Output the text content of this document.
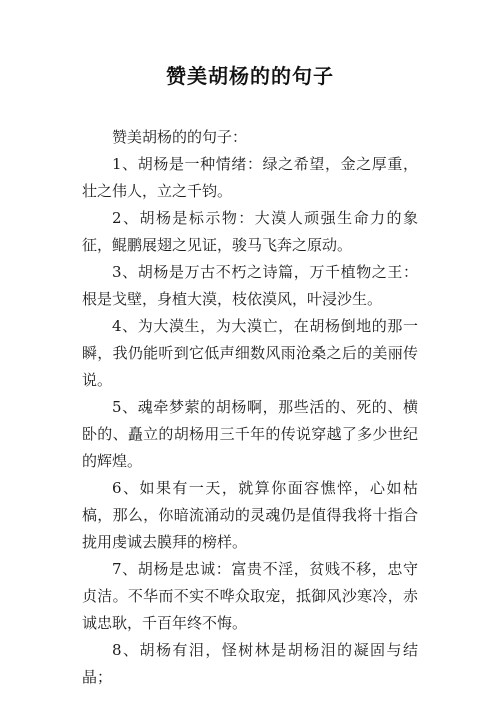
赞美胡杨的的句子

赞美胡杨的的句子：

1、胡杨是一种情绪：绿之希望，金之厚重，壮之伟人，立之千钧。

2、胡杨是标示物：大漠人顽强生命力的象征，鲲鹏展翅之见证，骏马飞奔之原动。

3、胡杨是万古不朽之诗篇，万千植物之王：根是戈壁，身植大漠，枝依漠风，叶浸沙生。

4、为大漠生，为大漠亡，在胡杨倒地的那一瞬，我仍能听到它低声细数风雨沧桑之后的美丽传说。

5、魂牵梦萦的胡杨啊，那些活的、死的、横卧的、矗立的胡杨用三千年的传说穿越了多少世纪的辉煌。

6、如果有一天，就算你面容憔悴，心如枯槁，那么，你暗流涌动的灵魂仍是值得我将十指合拢用虔诚去膜拜的榜样。

7、胡杨是忠诚：富贵不淫，贫贱不移，忠守贞洁。不华而不实不哗众取宠，抵御风沙寒冷，赤诚忠耿，千百年终不悔。

8、胡杨有泪，怪树林是胡杨泪的凝固与结晶；
